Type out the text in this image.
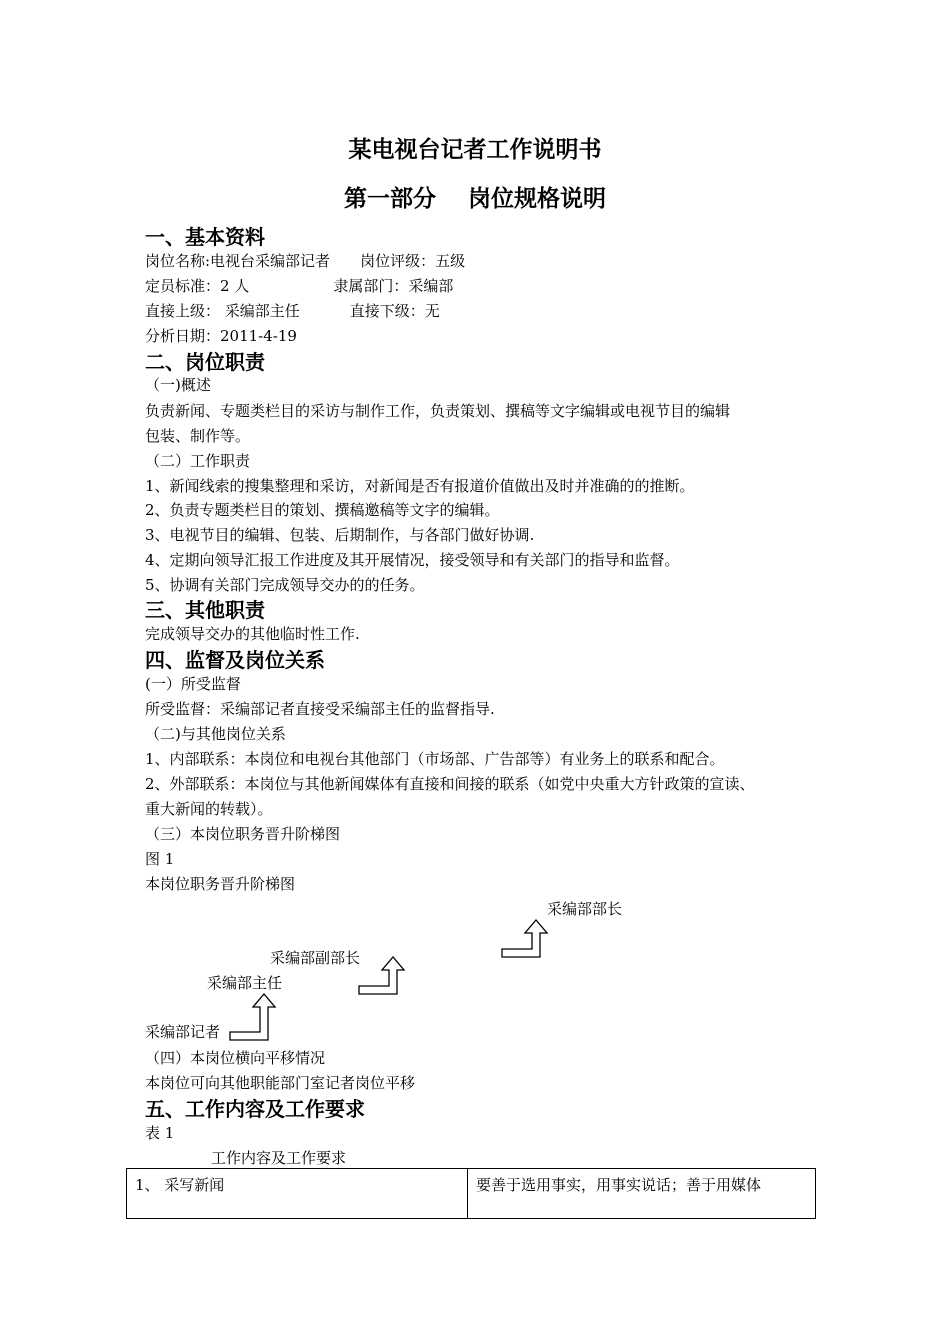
某电视台记者工作说明书
第一部分    岗位规格说明
一、基本资料
岗位名称:电视台采编部记者 岗位评级：五级
定员标准：2 人	隶属部门：采编部
直接上级： 采编部主任	直接下级：无
分析日期：2011-4-19
二、岗位职责
（一)概述
负责新闻、专题类栏目的采访与制作工作，负责策划、撰稿等文字编辑或电视节目的编辑
包装、制作等。
（二）工作职责
1、新闻线索的搜集整理和采访，对新闻是否有报道价值做出及时并准确的的推断。
2、负责专题类栏目的策划、撰稿邀稿等文字的编辑。
3、电视节目的编辑、包装、后期制作，与各部门做好协调.
4、定期向领导汇报工作进度及其开展情况，接受领导和有关部门的指导和监督。
5、协调有关部门完成领导交办的的任务。
三、其他职责
完成领导交办的其他临时性工作.
四、监督及岗位关系
(一）所受监督
所受监督：采编部记者直接受采编部主任的监督指导.
（二)与其他岗位关系
1、内部联系：本岗位和电视台其他部门（市场部、广告部等）有业务上的联系和配合。
2、外部联系：本岗位与其他新闻媒体有直接和间接的联系（如党中央重大方针政策的宣读、
重大新闻的转载）。
（三）本岗位职务晋升阶梯图
图 1
本岗位职务晋升阶梯图
采编部部长
采编部副部长
采编部主任
采编部记者
（四）本岗位横向平移情况
本岗位可向其他职能部门室记者岗位平移
五、工作内容及工作要求
表 1
工作内容及工作要求
1、 采写新闻	要善于选用事实，用事实说话；善于用媒体
